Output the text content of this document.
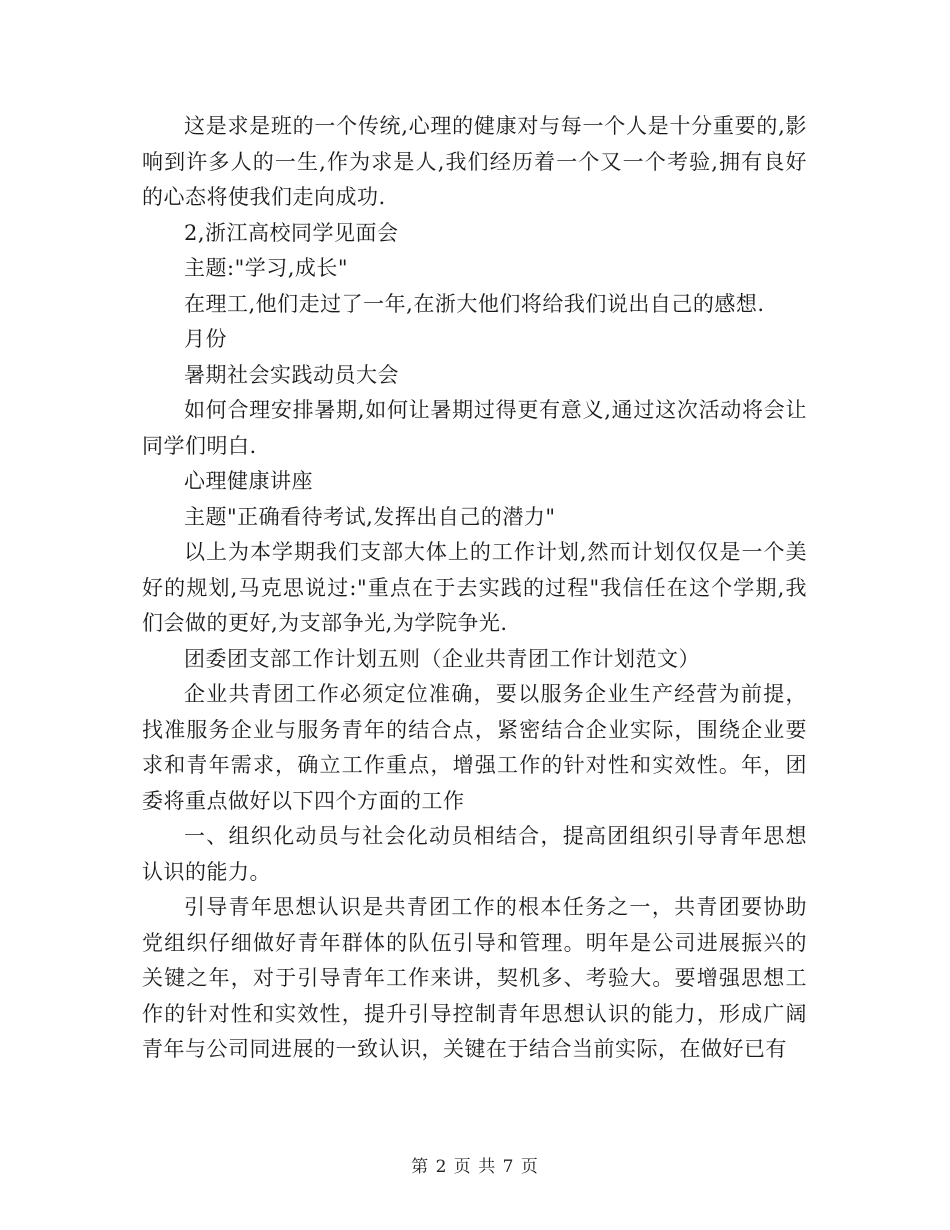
这是求是班的一个传统,心理的健康对与每一个人是十分重要的,影响到许多人的一生,作为求是人,我们经历着一个又一个考验,拥有良好的心态将使我们走向成功.

2,浙江高校同学见面会

主题:"学习,成长"

在理工,他们走过了一年,在浙大他们将给我们说出自己的感想.

月份

暑期社会实践动员大会

如何合理安排暑期,如何让暑期过得更有意义,通过这次活动将会让同学们明白.

心理健康讲座

主题"正确看待考试,发挥出自己的潜力"

以上为本学期我们支部大体上的工作计划,然而计划仅仅是一个美好的规划,马克思说过:"重点在于去实践的过程"我信任在这个学期,我们会做的更好,为支部争光,为学院争光.

团委团支部工作计划五则（企业共青团工作计划范文）

企业共青团工作必须定位准确，要以服务企业生产经营为前提，找准服务企业与服务青年的结合点，紧密结合企业实际，围绕企业要求和青年需求，确立工作重点，增强工作的针对性和实效性。年，团委将重点做好以下四个方面的工作

一、组织化动员与社会化动员相结合，提高团组织引导青年思想认识的能力。

引导青年思想认识是共青团工作的根本任务之一，共青团要协助党组织仔细做好青年群体的队伍引导和管理。明年是公司进展振兴的关键之年，对于引导青年工作来讲，契机多、考验大。要增强思想工作的针对性和实效性，提升引导控制青年思想认识的能力，形成广阔青年与公司同进展的一致认识，关键在于结合当前实际，在做好已有

第 2 页 共 7 页
